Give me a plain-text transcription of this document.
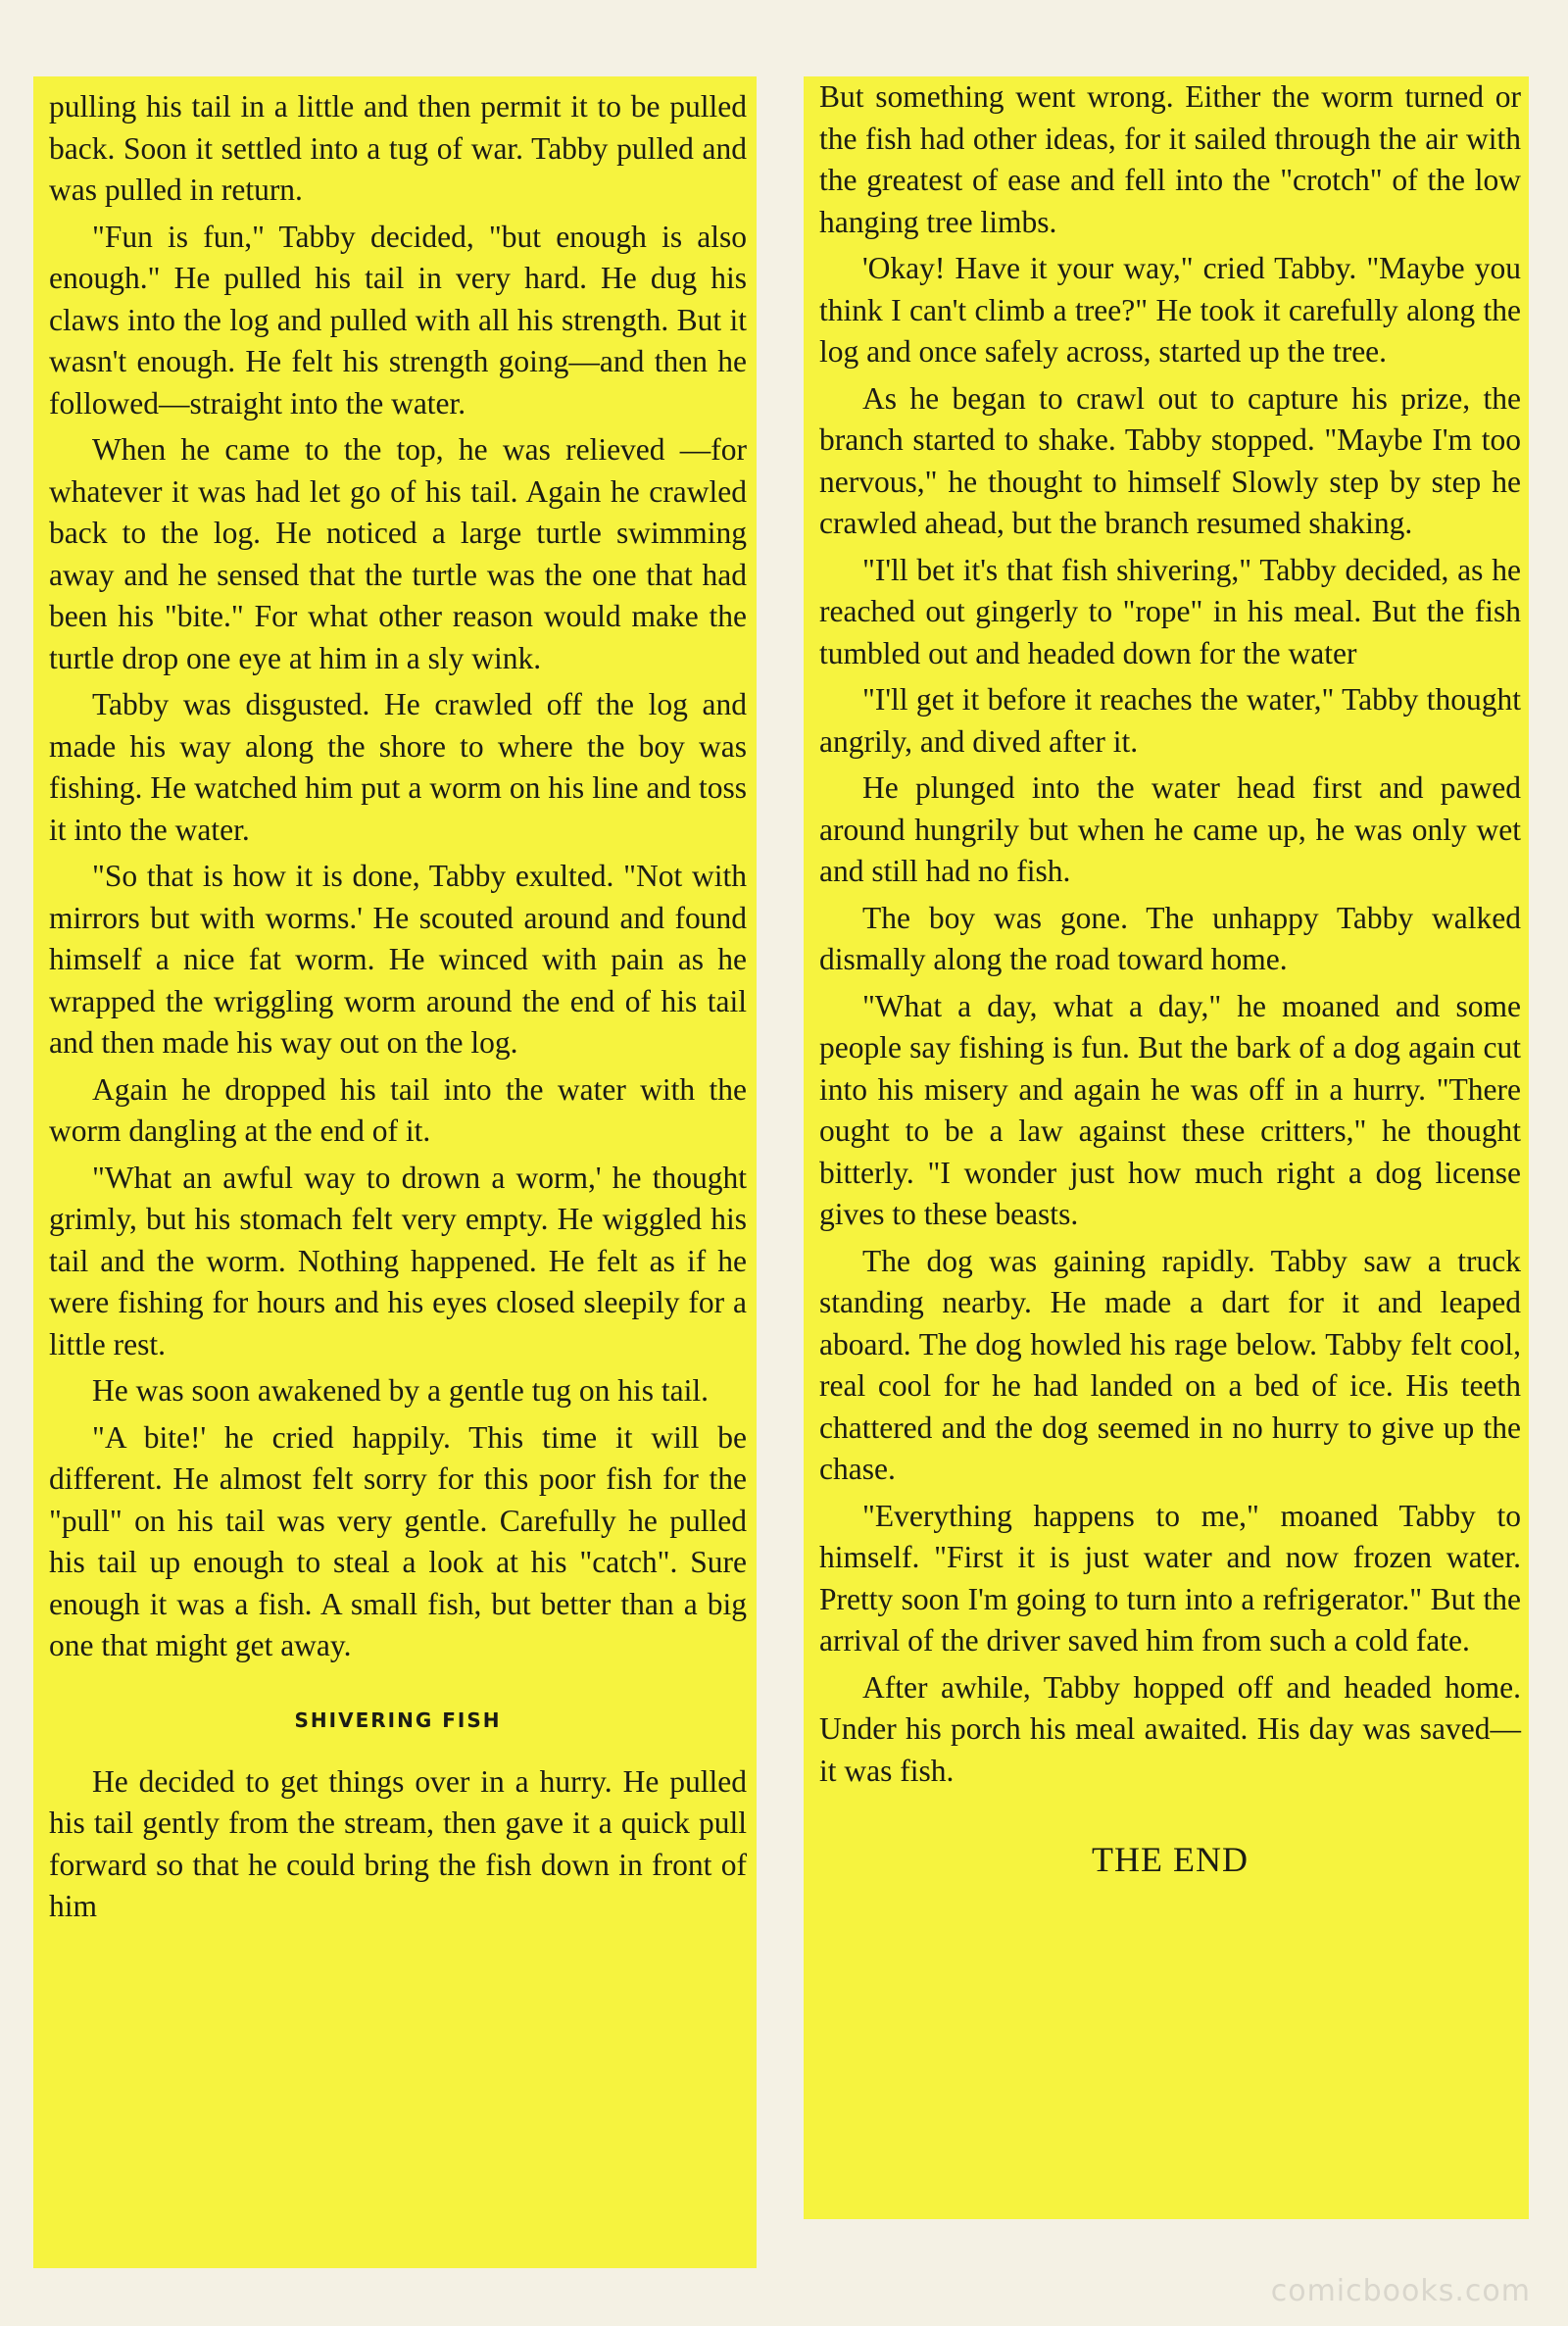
pulling his tail in a little and then permit it to be pulled back. Soon it settled into a tug of war. Tabby pulled and was pulled in return.

"Fun is fun," Tabby decided, "but enough is also enough." He pulled his tail in very hard. He dug his claws into the log and pulled with all his strength. But it wasn't enough. He felt his strength going—and then he followed—straight into the water.

When he came to the top, he was relieved —for whatever it was had let go of his tail. Again he crawled back to the log. He noticed a large turtle swimming away and he sensed that the turtle was the one that had been his "bite." For what other reason would make the turtle drop one eye at him in a sly wink.

Tabby was disgusted. He crawled off the log and made his way along the shore to where the boy was fishing. He watched him put a worm on his line and toss it into the water.

"So that is how it is done, Tabby exulted. "Not with mirrors but with worms.' He scouted around and found himself a nice fat worm. He winced with pain as he wrapped the wriggling worm around the end of his tail and then made his way out on the log.

Again he dropped his tail into the water with the worm dangling at the end of it.

"What an awful way to drown a worm,' he thought grimly, but his stomach felt very empty. He wiggled his tail and the worm. Nothing happened. He felt as if he were fishing for hours and his eyes closed sleepily for a little rest.

He was soon awakened by a gentle tug on his tail.

"A bite!' he cried happily. This time it will be different. He almost felt sorry for this poor fish for the "pull" on his tail was very gentle. Carefully he pulled his tail up enough to steal a look at his "catch". Sure enough it was a fish. A small fish, but better than a big one that might get away.

SHIVERING FISH

He decided to get things over in a hurry. He pulled his tail gently from the stream, then gave it a quick pull forward so that he could bring the fish down in front of him

But something went wrong. Either the worm turned or the fish had other ideas, for it sailed through the air with the greatest of ease and fell into the "crotch" of the low hanging tree limbs.

'Okay! Have it your way," cried Tabby. "Maybe you think I can't climb a tree?" He took it carefully along the log and once safely across, started up the tree.

As he began to crawl out to capture his prize, the branch started to shake. Tabby stopped. "Maybe I'm too nervous," he thought to himself Slowly step by step he crawled ahead, but the branch resumed shaking.

"I'll bet it's that fish shivering," Tabby decided, as he reached out gingerly to "rope" in his meal. But the fish tumbled out and headed down for the water

"I'll get it before it reaches the water," Tabby thought angrily, and dived after it.

He plunged into the water head first and pawed around hungrily but when he came up, he was only wet and still had no fish.

The boy was gone. The unhappy Tabby walked dismally along the road toward home.

"What a day, what a day," he moaned and some people say fishing is fun. But the bark of a dog again cut into his misery and again he was off in a hurry. "There ought to be a law against these critters," he thought bitterly. "I wonder just how much right a dog license gives to these beasts.

The dog was gaining rapidly. Tabby saw a truck standing nearby. He made a dart for it and leaped aboard. The dog howled his rage below. Tabby felt cool, real cool for he had landed on a bed of ice. His teeth chattered and the dog seemed in no hurry to give up the chase.

"Everything happens to me," moaned Tabby to himself. "First it is just water and now frozen water. Pretty soon I'm going to turn into a refrigerator." But the arrival of the driver saved him from such a cold fate.

After awhile, Tabby hopped off and headed home. Under his porch his meal awaited. His day was saved—it was fish.

THE END
comicbooks.com
